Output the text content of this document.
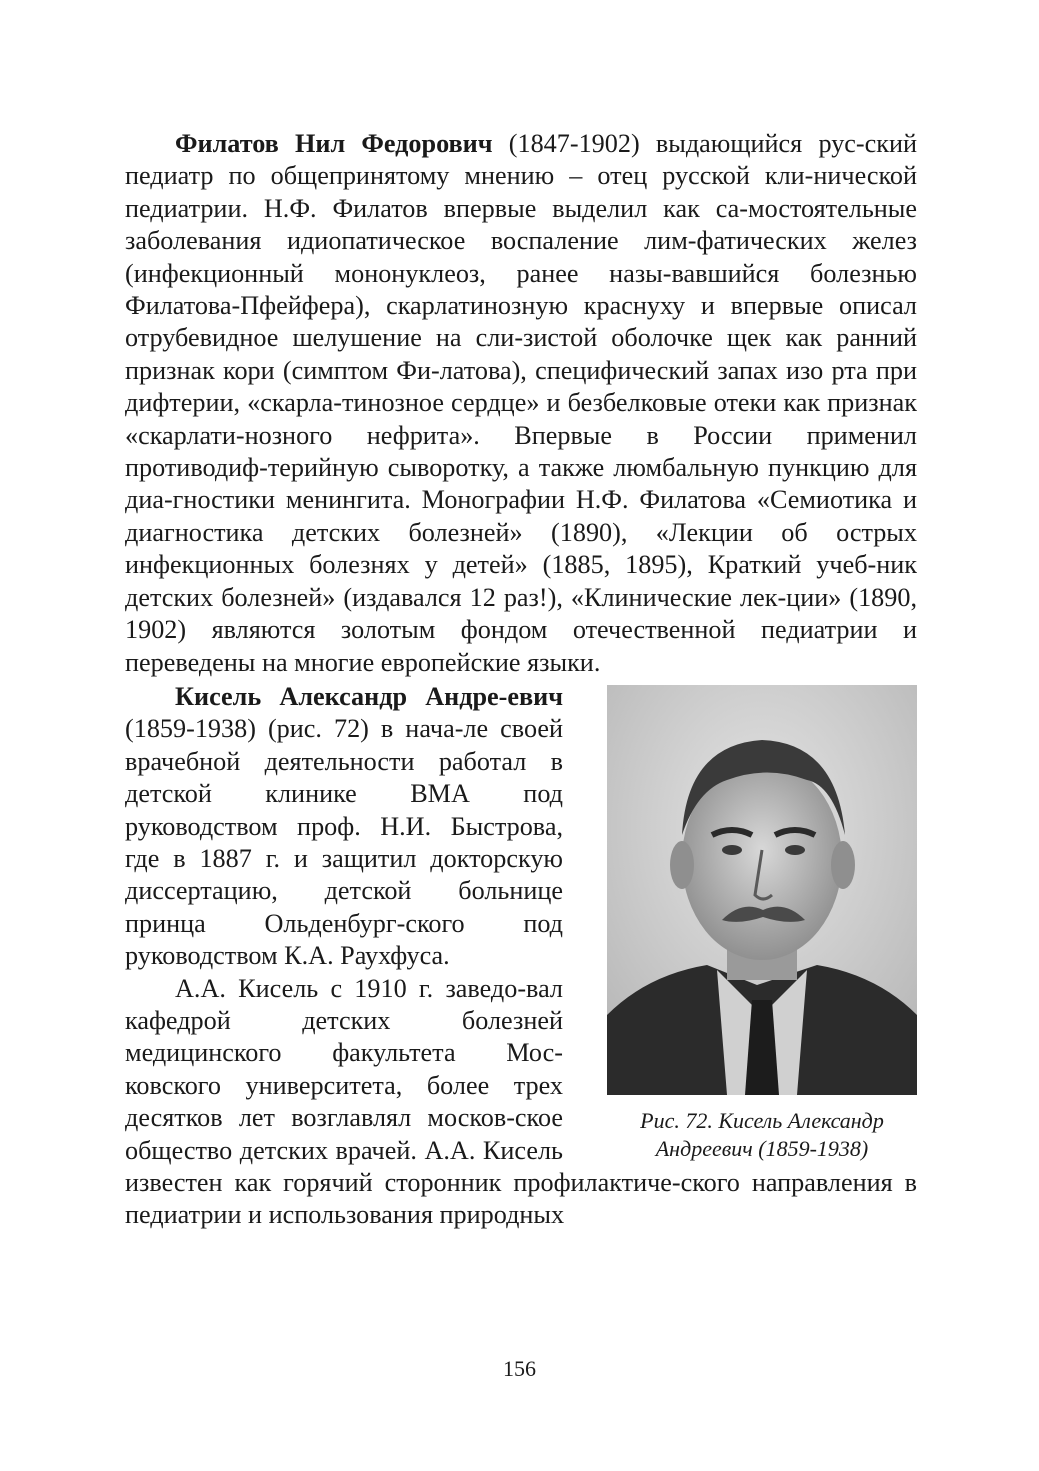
Филатов Нил Федорович (1847-1902) выдающийся рус-ский педиатр по общепринятому мнению – отец русской кли-нической педиатрии. Н.Ф. Филатов впервые выделил как са-мостоятельные заболевания идиопатическое воспаление лим-фатических желез (инфекционный мононуклеоз, ранее назы-вавшийся болезнью Филатова-Пфейфера), скарлатинозную краснуху и впервые описал отрубевидное шелушение на сли-зистой оболочке щек как ранний признак кори (симптом Фи-латова), специфический запах изо рта при дифтерии, «скарла-тинозное сердце» и безбелковые отеки как признак «скарлати-нозного нефрита». Впервые в России применил противодиф-терийную сыворотку, а также люмбальную пункцию для диа-гностики менингита. Монографии Н.Ф. Филатова «Семиотика и диагностика детских болезней» (1890), «Лекции об острых инфекционных болезнях у детей» (1885, 1895), Краткий учеб-ник детских болезней» (издавался 12 раз!), «Клинические лек-ции» (1890, 1902) являются золотым фондом отечественной педиатрии и переведены на многие европейские языки.

Рис. 72. Кисель Александр
Андреевич (1859-1938)

Кисель Александр Андре-евич (1859-1938) (рис. 72) в нача-ле своей врачебной деятельности работал в детской клинике ВМА под руководством проф. Н.И. Быстрова, где в 1887 г. и защитил докторскую диссертацию, детской больнице принца Ольденбург-ского под руководством К.А. Раухфуса.

А.А. Кисель с 1910 г. заведо-вал кафедрой детских болезней медицинского факультета Мос-ковского университета, более трех десятков лет возглавлял москов-ское общество детских врачей. А.А. Кисель известен как горячий сторонник профилактиче-ского направления в педиатрии и использования природных

156
